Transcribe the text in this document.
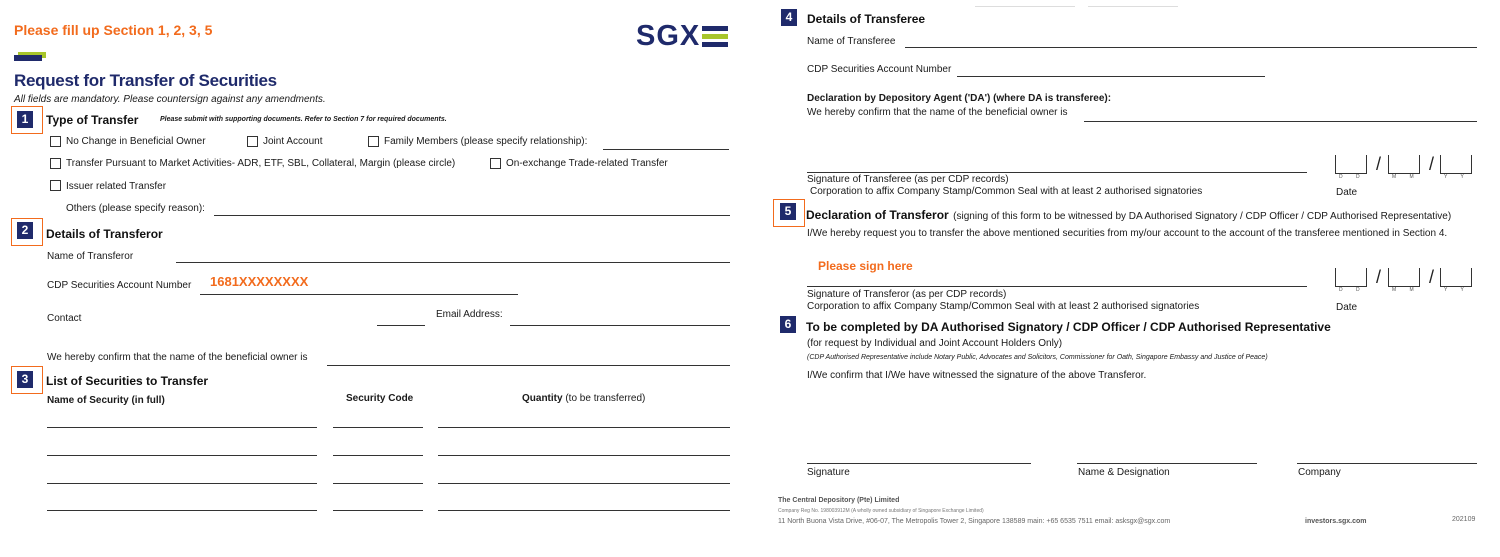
Please fill up Section 1, 2, 3, 5	SGX
Request for Transfer of Securities
All fields are mandatory. Please countersign against any amendments.
1	Type of Transfer	Please submit with supporting documents. Refer to Section 7 for required documents.
No Change in Beneficial Owner	Joint Account	Family Members (please specify relationship):
Transfer Pursuant to Market Activities- ADR, ETF, SBL, Collateral, Margin (please circle)	On-exchange Trade-related Transfer
Issuer related Transfer
Others (please specify reason):
2	Details of Transferor
Name of Transferor
CDP Securities Account Number 1681XXXXXXXX
Contact	Email Address:
We hereby confirm that the name of the beneficial owner is
3	List of Securities to Transfer
Name of Security (in full)	Security Code	Quantity (to be transferred)
4	Details of Transferee
Name of Transferee
CDP Securities Account Number
Declaration by Depository Agent ('DA') (where DA is transferee):
We hereby confirm that the name of the beneficial owner is
Signature of Transferee (as per CDP records)
Corporation to affix Company Stamp/Common Seal with at least 2 authorised signatories
/	/
D D	M M	Y Y
Date
5	Declaration of Transferor (signing of this form to be witnessed by DA Authorised Signatory / CDP Officer / CDP Authorised Representative)
I/We hereby request you to transfer the above mentioned securities from my/our account to the account of the transferee mentioned in Section 4.
Please sign here
Signature of Transferor (as per CDP records)
Corporation to affix Company Stamp/Common Seal with at least 2 authorised signatories
/	/
D D	M M	Y Y
Date
6	To be completed by DA Authorised Signatory / CDP Officer / CDP Authorised Representative
(for request by Individual and Joint Account Holders Only)
(CDP Authorised Representative include Notary Public, Advocates and Solicitors, Commissioner for Oath, Singapore Embassy and Justice of Peace)
I/We confirm that I/We have witnessed the signature of the above Transferor.
Signature	Name & Designation	Company
The Central Depository (Pte) Limited
Company Reg No. 198003912M (A wholly owned subsidiary of Singapore Exchange Limited)
11 North Buona Vista Drive, #06-07, The Metropolis Tower 2, Singapore 138589 main: +65 6535 7511 email: asksgx@sgx.com	investors.sgx.com	202109
